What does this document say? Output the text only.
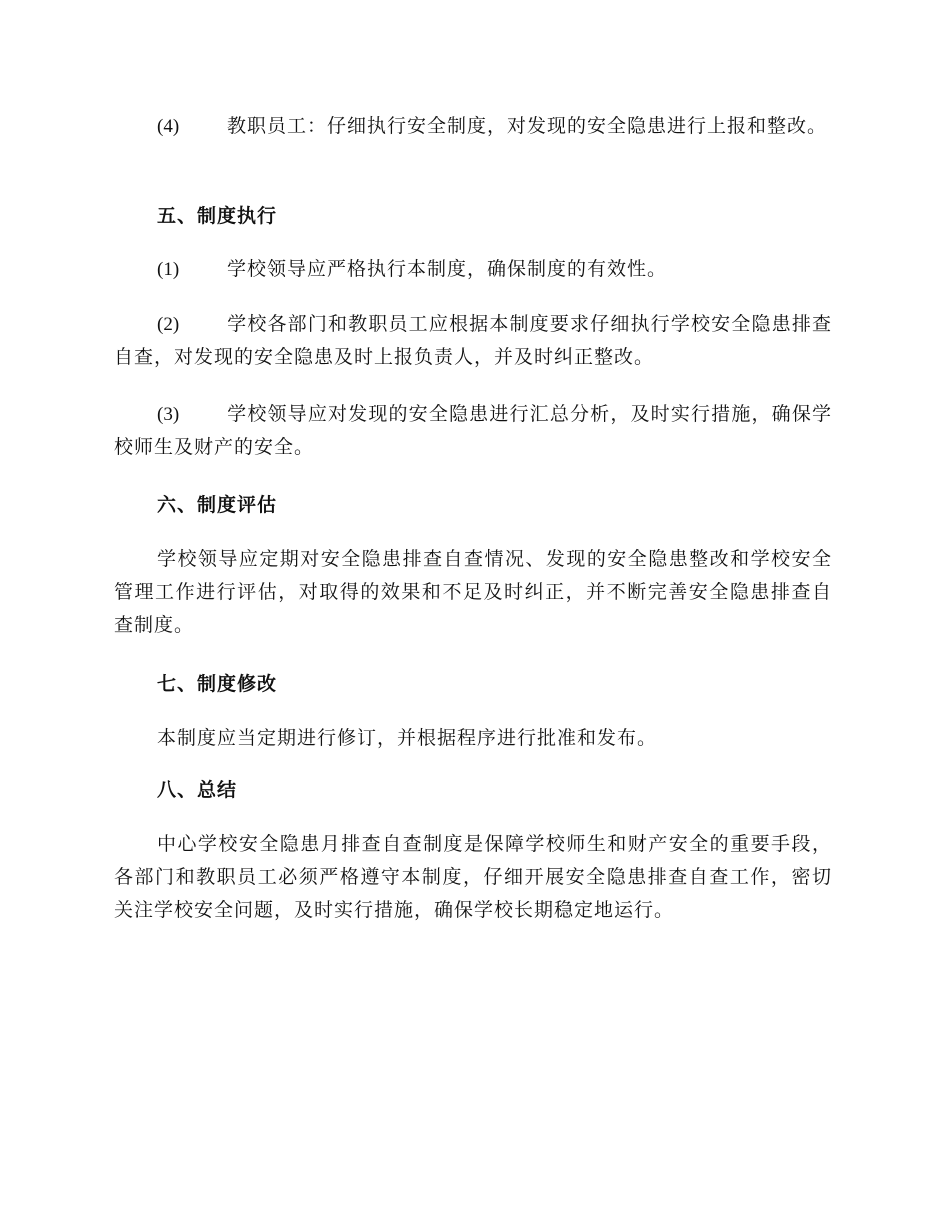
(4)	教职员工：仔细执行安全制度，对发现的安全隐患进行上报和整改。
五、制度执行
(1)	学校领导应严格执行本制度，确保制度的有效性。
(2)	学校各部门和教职员工应根据本制度要求仔细执行学校安全隐患排查自查，对发现的安全隐患及时上报负责人，并及时纠正整改。
(3)	学校领导应对发现的安全隐患进行汇总分析，及时实行措施，确保学校师生及财产的安全。
六、制度评估
学校领导应定期对安全隐患排查自查情况、发现的安全隐患整改和学校安全管理工作进行评估，对取得的效果和不足及时纠正，并不断完善安全隐患排查自查制度。
七、制度修改
本制度应当定期进行修订，并根据程序进行批准和发布。
八、总结
中心学校安全隐患月排查自查制度是保障学校师生和财产安全的重要手段，各部门和教职员工必须严格遵守本制度，仔细开展安全隐患排查自查工作，密切关注学校安全问题，及时实行措施，确保学校长期稳定地运行。
